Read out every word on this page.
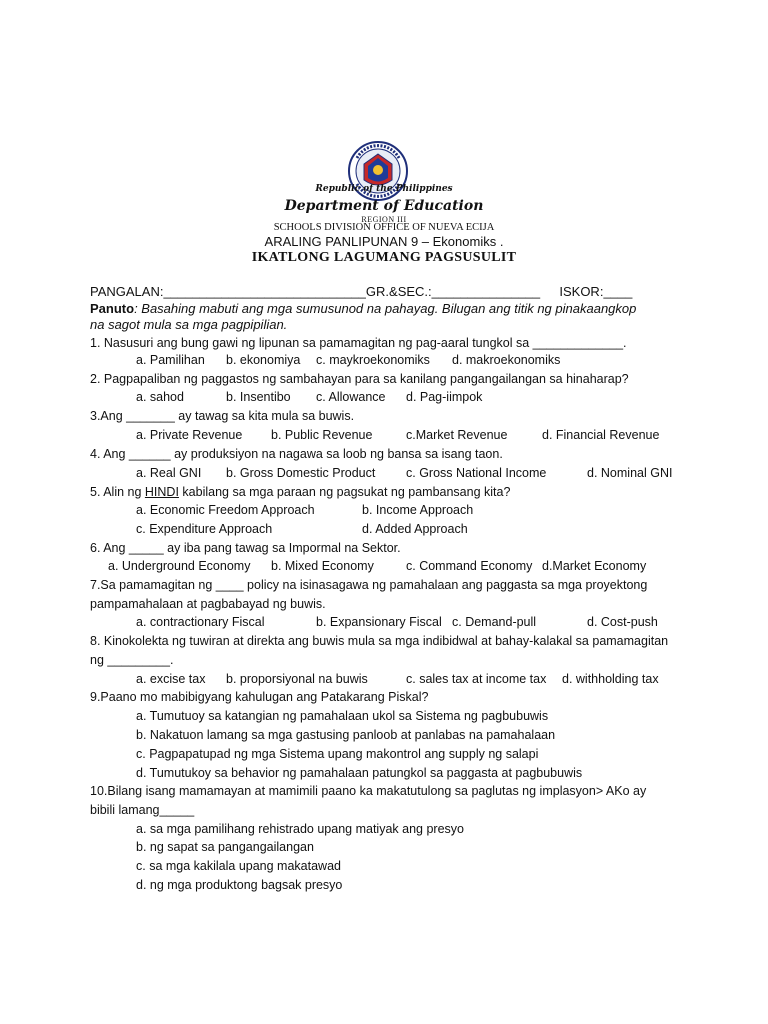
Republic of the Philippines
Department of Education
REGION III
SCHOOLS DIVISION OFFICE OF NUEVA ECIJA
ARALING PANLIPUNAN 9 – Ekonomiks .
IKATLONG LAGUMANG PAGSUSULIT
PANGALAN:____________________________GR.&SEC.:_______________ ISKOR:____
Panuto: Basahing mabuti ang mga sumusunod na pahayag. Bilugan ang titik ng pinakaangkop
na sagot mula sa mga pagpipilian.
1. Nasusuri ang bung gawi ng lipunan sa pamamagitan ng pag-aaral tungkol sa _____________.
a. Pamilihan b. ekonomiya c. maykroekonomiks d. makroekonomiks
2. Pagpapaliban ng paggastos ng sambahayan para sa kanilang pangangailangan sa hinaharap?
a. sahod	b. Insentibo c. Allowance d. Pag-iimpok
3.Ang _______ ay tawag sa kita mula sa buwis.
a. Private Revenue b. Public Revenue	c.Market Revenue	d. Financial Revenue
4. Ang ______ ay produksiyon na nagawa sa loob ng bansa sa isang taon.
a. Real GNI b. Gross Domestic Product c. Gross National Income	d. Nominal GNI
5. Alin ng HINDI kabilang sa mga paraan ng pagsukat ng pambansang kita?
a. Economic Freedom Approach	b. Income Approach
c. Expenditure Approach	d. Added Approach
6. Ang _____ ay iba pang tawag sa Impormal na Sektor.
a. Underground Economy b. Mixed Economy	c. Command Economy d.Market Economy
7.Sa pamamagitan ng ____ policy na isinasagawa ng pamahalaan ang paggasta sa mga proyektong
pampamahalaan at pagbabayad ng buwis.
a. contractionary Fiscal	b. Expansionary Fiscal c. Demand-pull	d. Cost-push
8. Kinokolekta ng tuwiran at direkta ang buwis mula sa mga indibidwal at bahay-kalakal sa pamamagitan
ng _________.
a. excise tax b. proporsiyonal na buwis	c. sales tax at income tax d. withholding tax
9.Paano mo mabibigyang kahulugan ang Patakarang Piskal?
a. Tumutuoy sa katangian ng pamahalaan ukol sa Sistema ng pagbubuwis
b. Nakatuon lamang sa mga gastusing panloob at panlabas na pamahalaan
c. Pagpapatupad ng mga Sistema upang makontrol ang supply ng salapi
d. Tumutukoy sa behavior ng pamahalaan patungkol sa paggasta at pagbubuwis
10.Bilang isang mamamayan at mamimili paano ka makatutulong sa paglutas ng implasyon> AKo ay
bibili lamang_____
a. sa mga pamilihang rehistrado upang matiyak ang presyo
b. ng sapat sa pangangailangan
c. sa mga kakilala upang makatawad
d. ng mga produktong bagsak presyo
